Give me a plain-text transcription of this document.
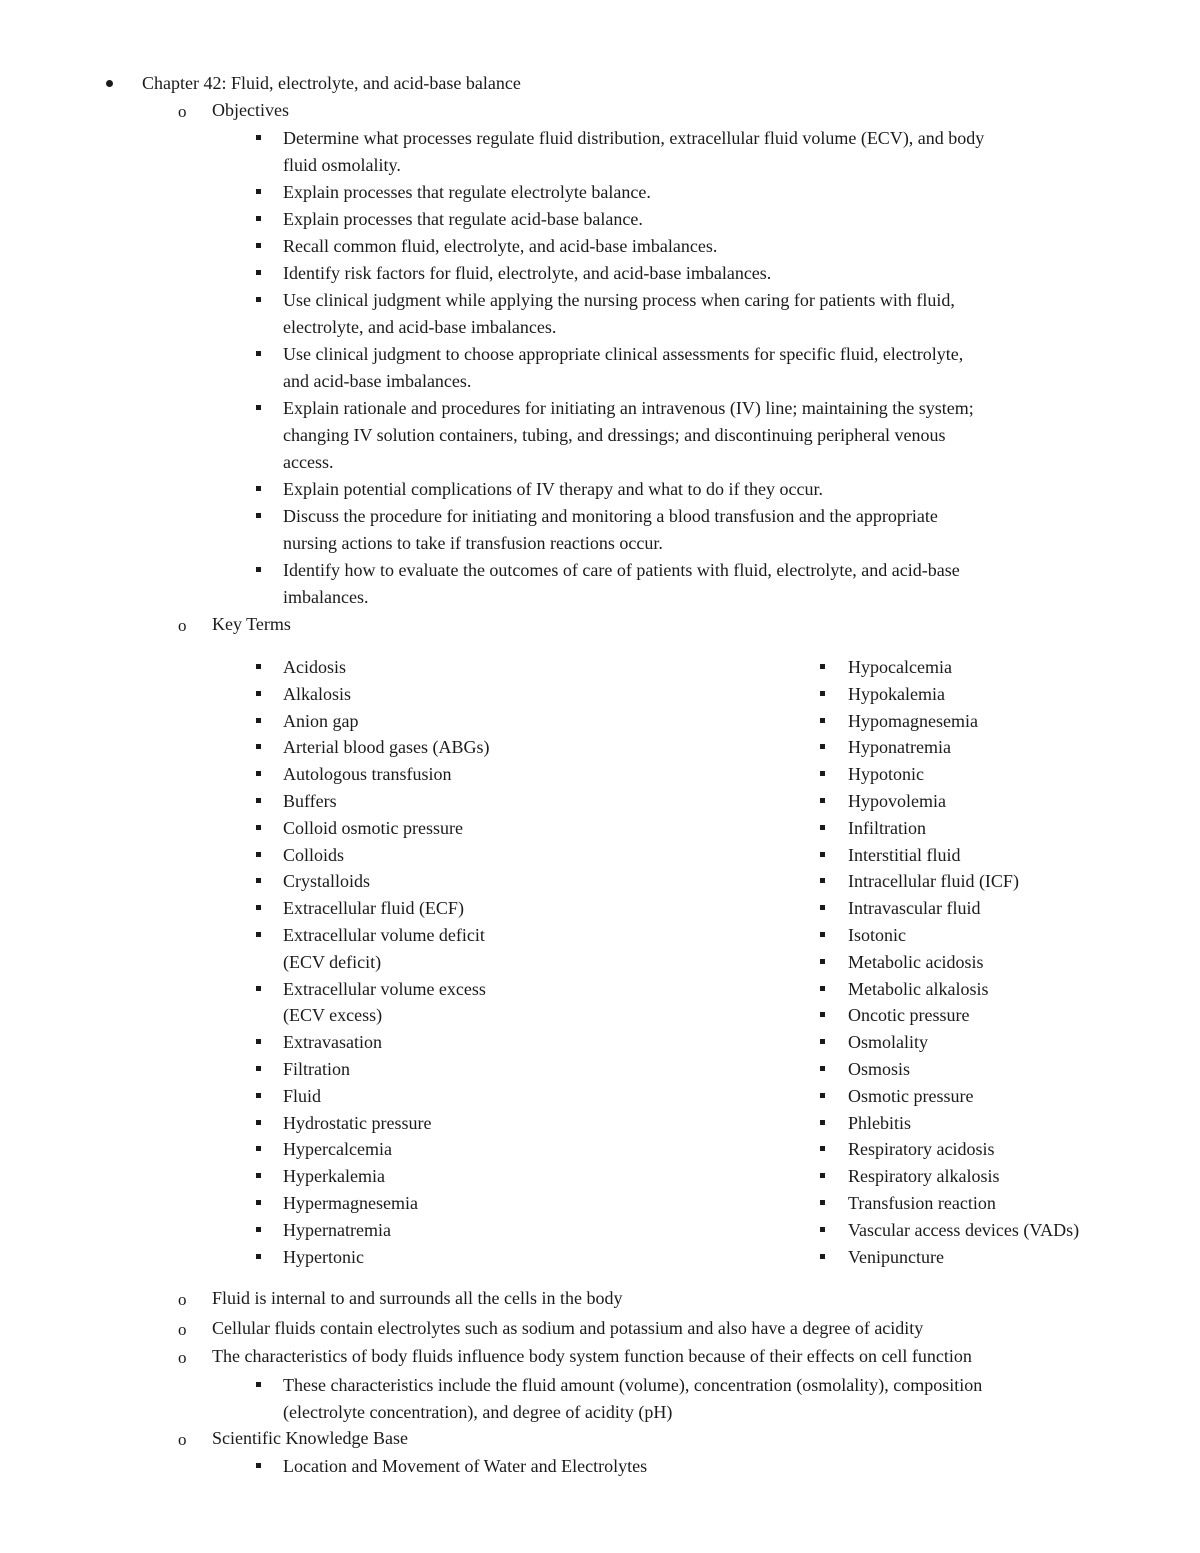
Chapter 42: Fluid, electrolyte, and acid-base balance
o Objectives
Determine what processes regulate fluid distribution, extracellular fluid volume (ECV), and body
fluid osmolality.
Explain processes that regulate electrolyte balance.
Explain processes that regulate acid-base balance.
Recall common fluid, electrolyte, and acid-base imbalances.
Identify risk factors for fluid, electrolyte, and acid-base imbalances.
Use clinical judgment while applying the nursing process when caring for patients with fluid,
electrolyte, and acid-base imbalances.
Use clinical judgment to choose appropriate clinical assessments for specific fluid, electrolyte,
and acid-base imbalances.
Explain rationale and procedures for initiating an intravenous (IV) line; maintaining the system;
changing IV solution containers, tubing, and dressings; and discontinuing peripheral venous
access.
Explain potential complications of IV therapy and what to do if they occur.
Discuss the procedure for initiating and monitoring a blood transfusion and the appropriate
nursing actions to take if transfusion reactions occur.
Identify how to evaluate the outcomes of care of patients with fluid, electrolyte, and acid-base
imbalances.
o Key Terms
Acidosis
Alkalosis
Anion gap
Arterial blood gases (ABGs)
Autologous transfusion
Buffers
Colloid osmotic pressure
Colloids
Crystalloids
Extracellular fluid (ECF)
Extracellular volume deficit
(ECV deficit)
Extracellular volume excess
(ECV excess)
Extravasation
Filtration
Fluid
Hydrostatic pressure
Hypercalcemia
Hyperkalemia
Hypermagnesemia
Hypernatremia
Hypertonic
Hypocalcemia
Hypokalemia
Hypomagnesemia
Hyponatremia
Hypotonic
Hypovolemia
Infiltration
Interstitial fluid
Intracellular fluid (ICF)
Intravascular fluid
Isotonic
Metabolic acidosis
Metabolic alkalosis
Oncotic pressure
Osmolality
Osmosis
Osmotic pressure
Phlebitis
Respiratory acidosis
Respiratory alkalosis
Transfusion reaction
Vascular access devices (VADs)
Venipuncture
o Fluid is internal to and surrounds all the cells in the body
o Cellular fluids contain electrolytes such as sodium and potassium and also have a degree of acidity
o The characteristics of body fluids influence body system function because of their effects on cell function
These characteristics include the fluid amount (volume), concentration (osmolality), composition
(electrolyte concentration), and degree of acidity (pH)
o Scientific Knowledge Base
Location and Movement of Water and Electrolytes
